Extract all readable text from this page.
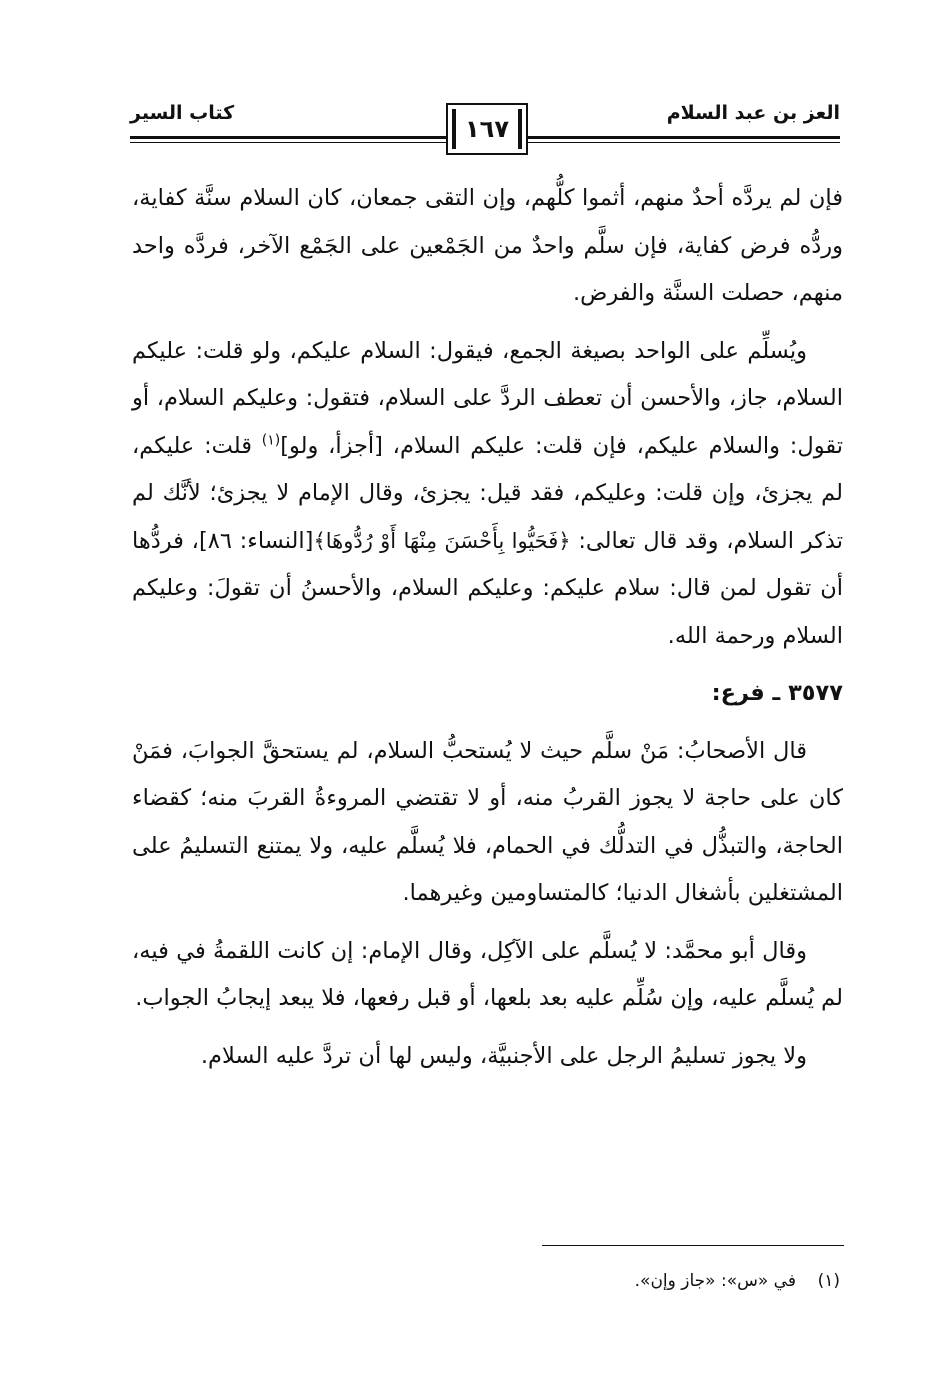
العز بن عبد السلام
كتاب السير
١٦٧

فإن لم يردَّه أحدٌ منهم، أثموا كلُّهم، وإن التقى جمعان، كان السلام سنَّة كفاية، وردُّه فرض كفاية، فإن سلَّم واحدٌ من الجَمْعين على الجَمْع الآخر، فردَّه واحد منهم، حصلت السنَّة والفرض.

ويُسلِّم على الواحد بصيغة الجمع، فيقول: السلام عليكم، ولو قلت: عليكم السلام، جاز، والأحسن أن تعطف الردَّ على السلام، فتقول: وعليكم السلام، أو تقول: والسلام عليكم، فإن قلت: عليكم السلام، [أجزأ، ولو]$^{(١)}$ قلت: عليكم، لم يجزئ، وإن قلت: وعليكم، فقد قيل: يجزئ، وقال الإمام لا يجزئ؛ لأنَّك لم تذكر السلام، وقد قال تعالى: ﴿فَحَيُّوا بِأَحْسَنَ مِنْهَا أَوْ رُدُّوهَا﴾[النساء: ٨٦]، فردُّها أن تقول لمن قال: سلام عليكم: وعليكم السلام، والأحسنُ أن تقولَ: وعليكم السلام ورحمة الله.

٣٥٧٧ ـ فرع:

قال الأصحابُ: مَنْ سلَّم حيث لا يُستحبُّ السلام، لم يستحقَّ الجوابَ، فمَنْ كان على حاجة لا يجوز القربُ منه، أو لا تقتضي المروءةُ القربَ منه؛ كقضاء الحاجة، والتبذُّل في التدلُّك في الحمام، فلا يُسلَّم عليه، ولا يمتنع التسليمُ على المشتغلين بأشغال الدنيا؛ كالمتساومين وغيرهما.

وقال أبو محمَّد: لا يُسلَّم على الآكِل، وقال الإمام: إن كانت اللقمةُ في فيه، لم يُسلَّم عليه، وإن سُلِّم عليه بعد بلعها، أو قبل رفعها، فلا يبعد إيجابُ الجواب.

ولا يجوز تسليمُ الرجل على الأجنبيَّة، وليس لها أن تردَّ عليه السلام.

(١)    في «س»: «جاز وإن».
